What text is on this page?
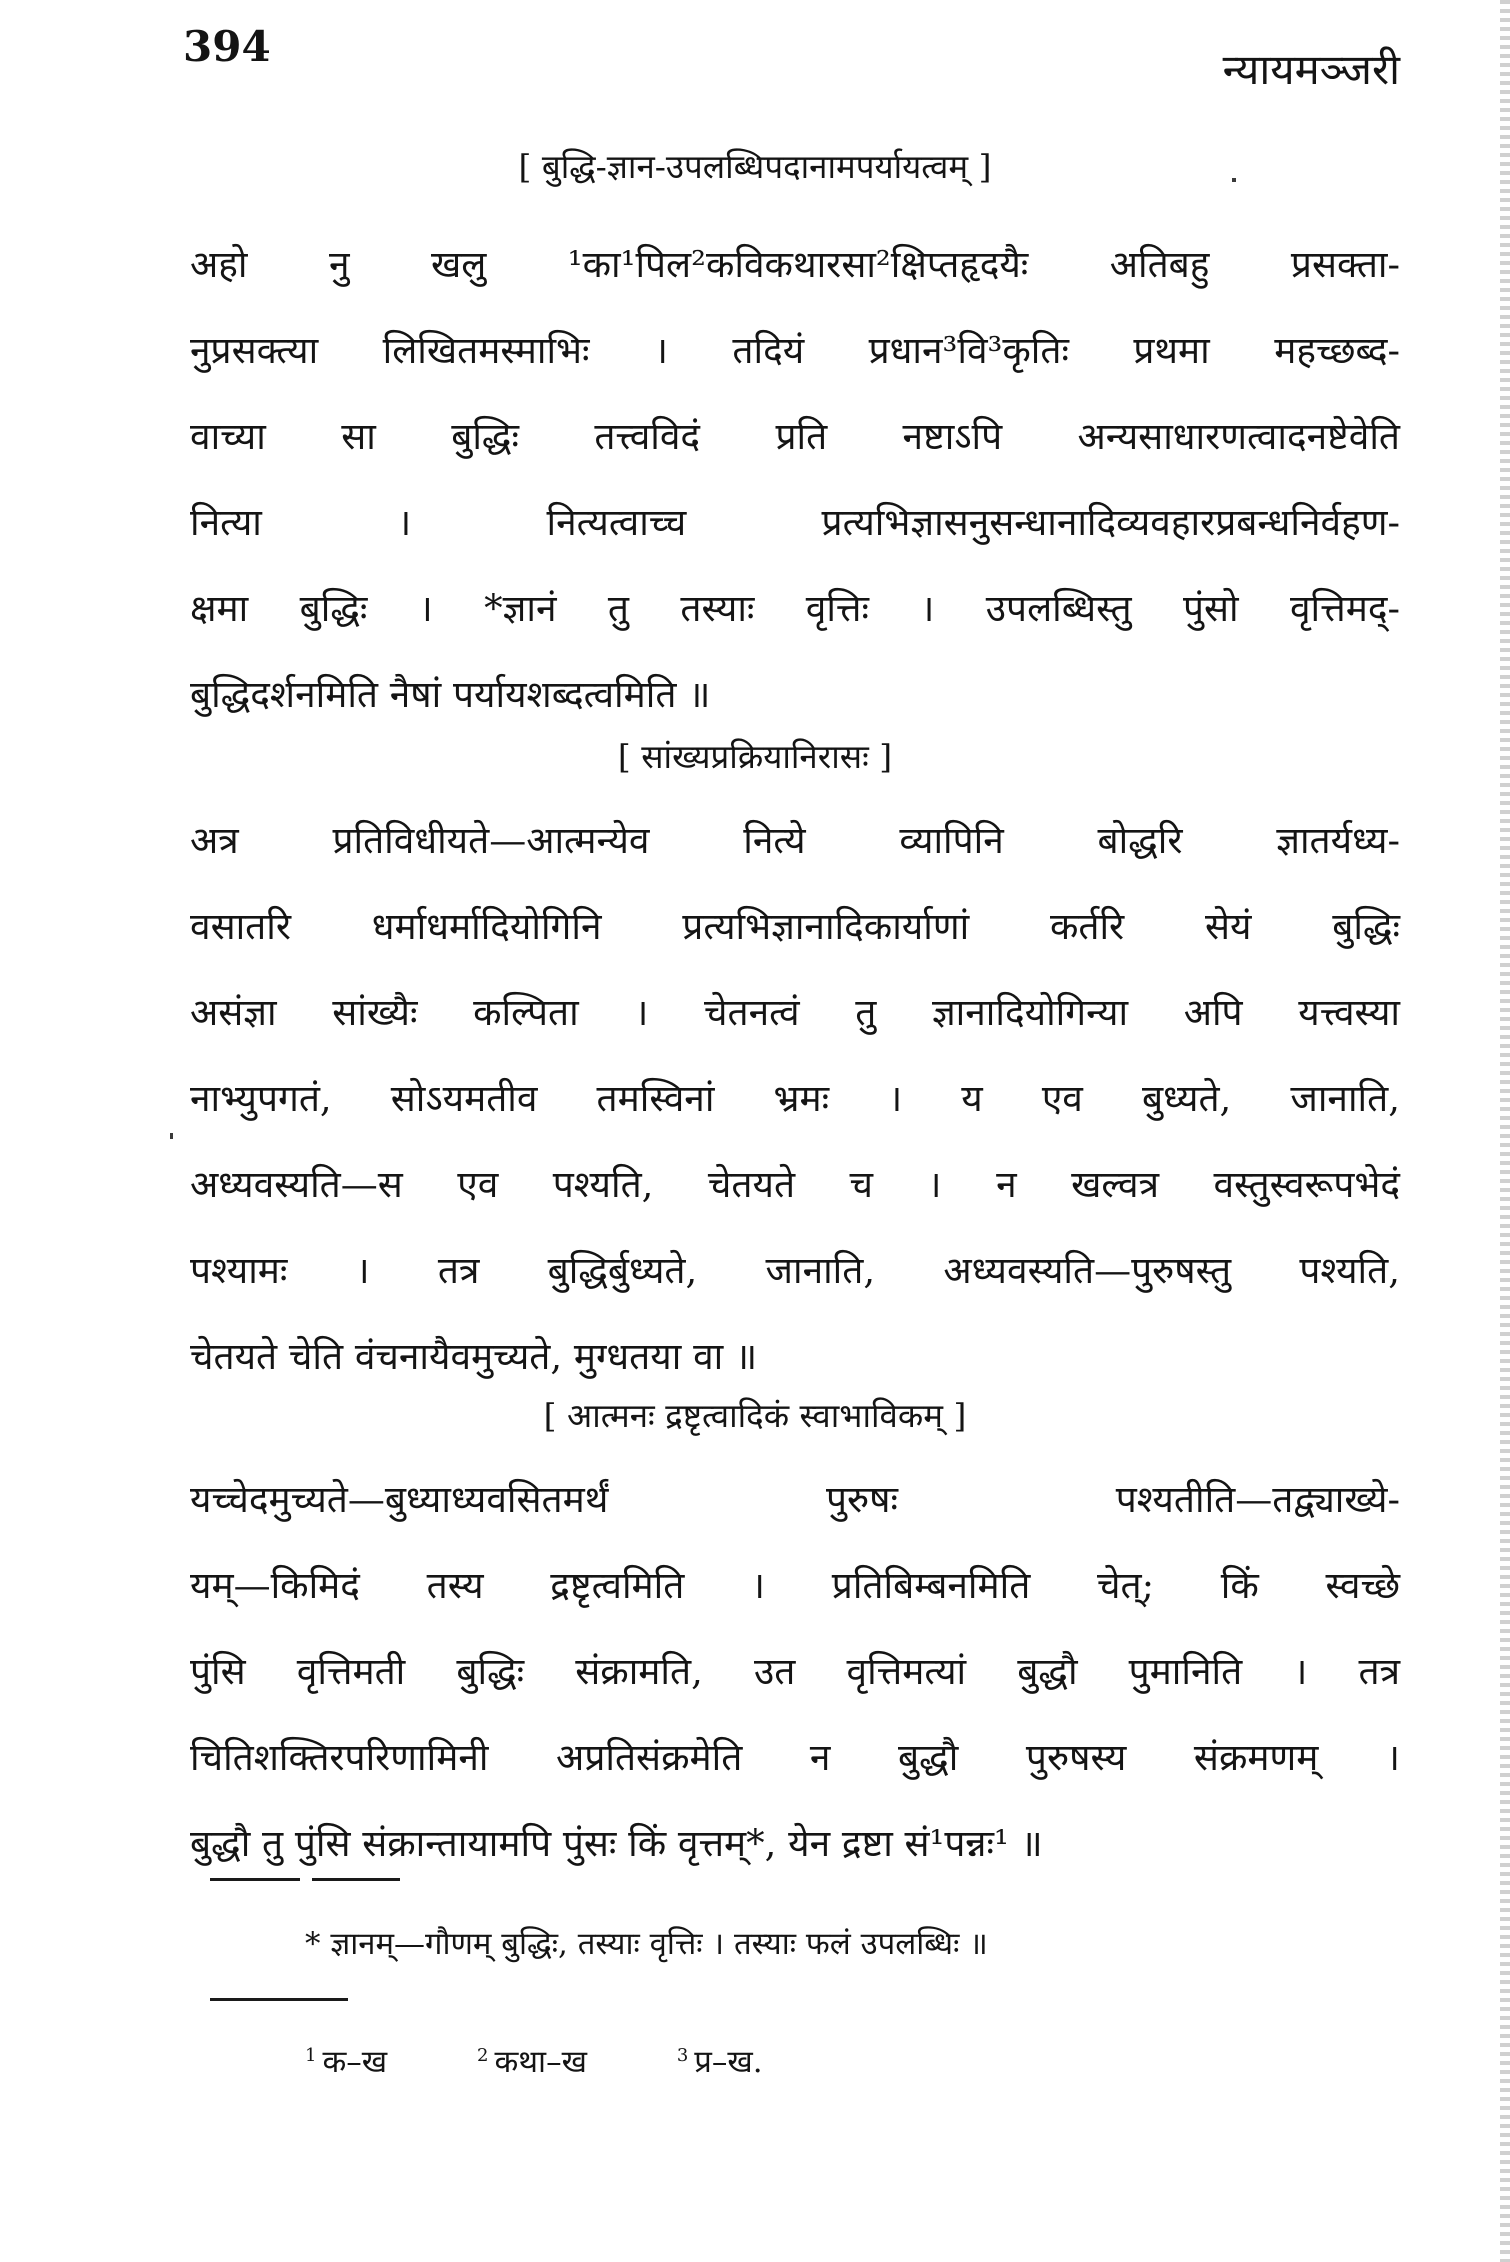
394	न्यायमञ्जरी
[ बुद्धि-ज्ञान-उपलब्धिपदानामपर्यायत्वम् ]
अहो नु खलु ¹का¹पिल²कविकथारसा²क्षिप्तहृदयैः अतिबहु प्रसक्ता-
नुप्रसक्त्या लिखितमस्माभिः । तदियं प्रधान³वि³कृतिः प्रथमा महच्छब्द-
वाच्या सा बुद्धिः तत्त्वविदं प्रति नष्टाऽपि अन्यसाधारणत्वादनष्टेवेति
नित्या । नित्यत्वाच्च प्रत्यभिज्ञासनुसन्धानादिव्यवहारप्रबन्धनिर्वहण-
क्षमा बुद्धिः । *ज्ञानं तु तस्याः वृत्तिः । उपलब्धिस्तु पुंसो वृत्तिमद्-
बुद्धिदर्शनमिति नैषां पर्यायशब्दत्वमिति ॥
[ सांख्यप्रक्रियानिरासः ]
अत्र प्रतिविधीयते—आत्मन्येव नित्ये व्यापिनि बोद्धरि ज्ञातर्यध्य-
वसातरि धर्माधर्मादियोगिनि प्रत्यभिज्ञानादिकार्याणां कर्तरि सेयं बुद्धिः
असंज्ञा सांख्यैः कल्पिता । चेतनत्वं तु ज्ञानादियोगिन्या अपि यत्त्वस्या
नाभ्युपगतं, सोऽयमतीव तमस्विनां भ्रमः । य एव बुध्यते, जानाति,
अध्यवस्यति—स एव पश्यति, चेतयते च । न खल्वत्र वस्तुस्वरूपभेदं
पश्यामः । तत्र बुद्धिर्बुध्यते, जानाति, अध्यवस्यति—पुरुषस्तु पश्यति,
चेतयते चेति वंचनायैवमुच्यते, मुग्धतया वा ॥
[ आत्मनः द्रष्टृत्वादिकं स्वाभाविकम् ]
यच्चेदमुच्यते—बुध्याध्यवसितमर्थं पुरुषः पश्यतीति—तद्व्याख्ये-
यम्—किमिदं तस्य द्रष्टृत्वमिति । प्रतिबिम्बनमिति चेत्; किं स्वच्छे
पुंसि वृत्तिमती बुद्धिः संक्रामति, उत वृत्तिमत्यां बुद्धौ पुमानिति । तत्र
चितिशक्तिरपरिणामिनी अप्रतिसंक्रमेति न बुद्धौ पुरुषस्य संक्रमणम् ।
बुद्धौ तु पुंसि संक्रान्तायामपि पुंसः किं वृत्तम्*, येन द्रष्टा सं¹पन्नः¹ ॥
* ज्ञानम्—गौणम् बुद्धिः, तस्याः वृत्तिः । तस्याः फलं उपलब्धिः ॥
$^1$ क–ख	$^2$ कथा–ख	$^3$ प्र–ख.
